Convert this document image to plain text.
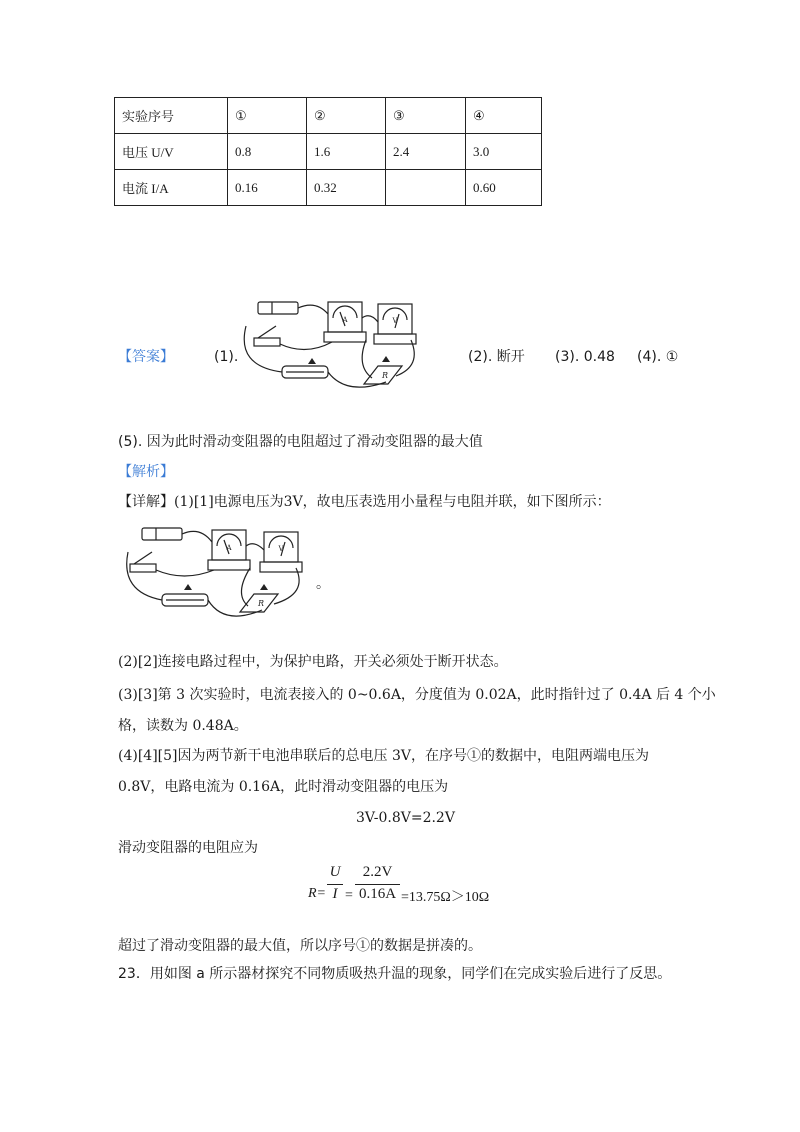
实验序号	①	②	③	④
电压 U/V	0.8	1.6	2.4	3.0
电流 I/A	0.16	0.32		0.60
【答案】	(1).
A	V
R
(2). 断开 (3). 0.48 (4). ①
(5). 因为此时滑动变阻器的电阻超过了滑动变阻器的最大值
【解析】
【详解】(1)[1]电源电压为3V，故电压表选用小量程与电阻并联，如下图所示：
A	V
R
。
(2)[2]连接电路过程中，为保护电路，开关必须处于断开状态。
(3)[3]第 3 次实验时，电流表接入的 0~0.6A，分度值为 0.02A，此时指针过了 0.4A 后 4 个小
格，读数为 0.48A。
(4)[4][5]因为两节新干电池串联后的总电压 3V，在序号①的数据中，电阻两端电压为
0.8V，电路电流为 0.16A，此时滑动变阻器的电压为
3V-0.8V=2.2V
滑动变阻器的电阻应为
R=
U
I =
2.2V
0.16A =13.75Ω＞10Ω
超过了滑动变阻器的最大值，所以序号①的数据是拼凑的。
23．用如图 a 所示器材探究不同物质吸热升温的现象，同学们在完成实验后进行了反思。
